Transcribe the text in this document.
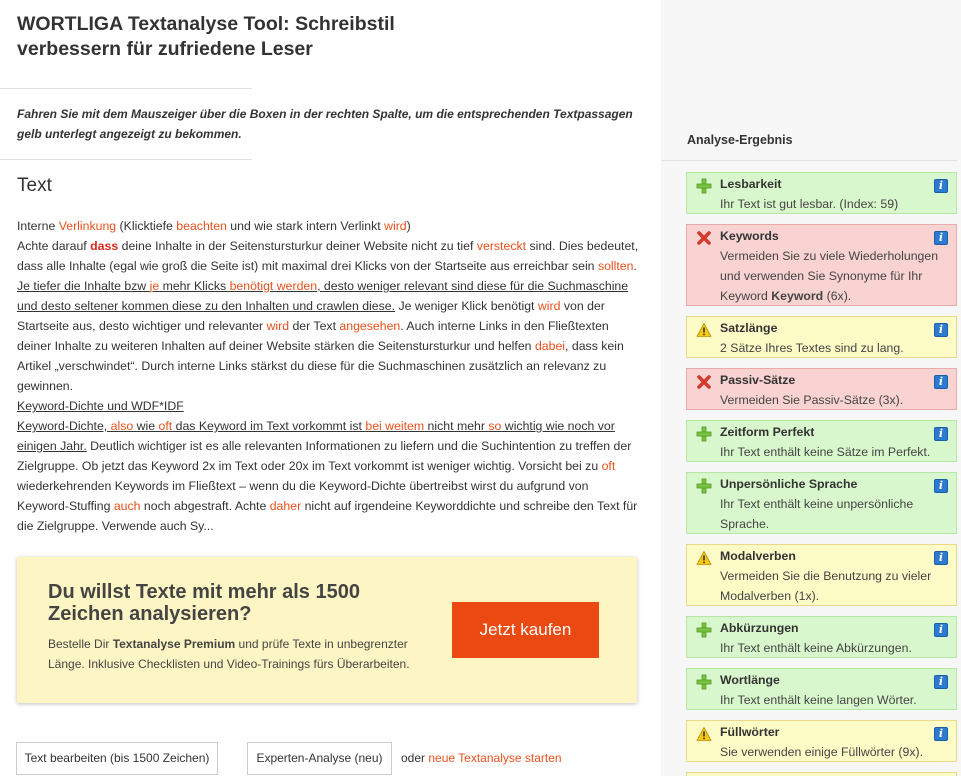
WORTLIGA Textanalyse Tool: Schreibstil verbessern für zufriedene Leser

Fahren Sie mit dem Mauszeiger über die Boxen in der rechten Spalte, um die entsprechenden Textpassagen gelb unterlegt angezeigt zu bekommen.

Text

Interne Verlinkung (Klicktiefe beachten und wie stark intern Verlinkt wird)

Achte darauf dass deine Inhalte in der Seitenstursturkur deiner Website nicht zu tief versteckt sind. Dies bedeutet, dass alle Inhalte (egal wie groß die Seite ist) mit maximal drei Klicks von der Startseite aus erreichbar sein sollten. Je tiefer die Inhalte bzw je mehr Klicks benötigt werden, desto weniger relevant sind diese für die Suchmaschine und desto seltener kommen diese zu den Inhalten und crawlen diese. Je weniger Klick benötigt wird von der Startseite aus, desto wichtiger und relevanter wird der Text angesehen. Auch interne Links in den Fließtexten deiner Inhalte zu weiteren Inhalten auf deiner Website stärken die Seitenstursturkur und helfen dabei, dass kein Artikel „verschwindet“. Durch interne Links stärkst du diese für die Suchmaschinen zusätzlich an relevanz zu gewinnen.

Keyword-Dichte und WDF*IDF

Keyword-Dichte, also wie oft das Keyword im Text vorkommt ist bei weitem nicht mehr so wichtig wie noch vor einigen Jahr. Deutlich wichtiger ist es alle relevanten Informationen zu liefern und die Suchintention zu treffen der Zielgruppe. Ob jetzt das Keyword 2x im Text oder 20x im Text vorkommt ist weniger wichtig. Vorsicht bei zu oft wiederkehrenden Keywords im Fließtext – wenn du die Keyword-Dichte übertreibst wirst du aufgrund von Keyword-Stuffing auch noch abgestraft. Achte daher nicht auf irgendeine Keyworddichte und schreibe den Text für die Zielgruppe. Verwende auch Sy...

Du willst Texte mit mehr als 1500 Zeichen analysieren?
Bestelle Dir Textanalyse Premium und prüfe Texte in unbegrenzter Länge. Inklusive Checklisten und Video-Trainings fürs Überarbeiten.
Jetzt kaufen
Text bearbeiten (bis 1500 Zeichen)	Experten-Analyse (neu)	oder neue Textanalyse starten
Analyse-Ergebnis
Lesbarkeit
Ihr Text ist gut lesbar. (Index: 59)
i
Keywords
Vermeiden Sie zu viele Wiederholungen und verwenden Sie Synonyme für Ihr Keyword Keyword (6x).
i
Satzlänge
2 Sätze Ihres Textes sind zu lang.
i
Passiv-Sätze
Vermeiden Sie Passiv-Sätze (3x).
i
Zeitform Perfekt
Ihr Text enthält keine Sätze im Perfekt.
i
Unpersönliche Sprache
Ihr Text enthält keine unpersönliche Sprache.
i
Modalverben
Vermeiden Sie die Benutzung zu vieler Modalverben (1x).
i
Abkürzungen
Ihr Text enthält keine Abkürzungen.
i
Wortlänge
Ihr Text enthält keine langen Wörter.
i
Füllwörter
Sie verwenden einige Füllwörter (9x).
i
